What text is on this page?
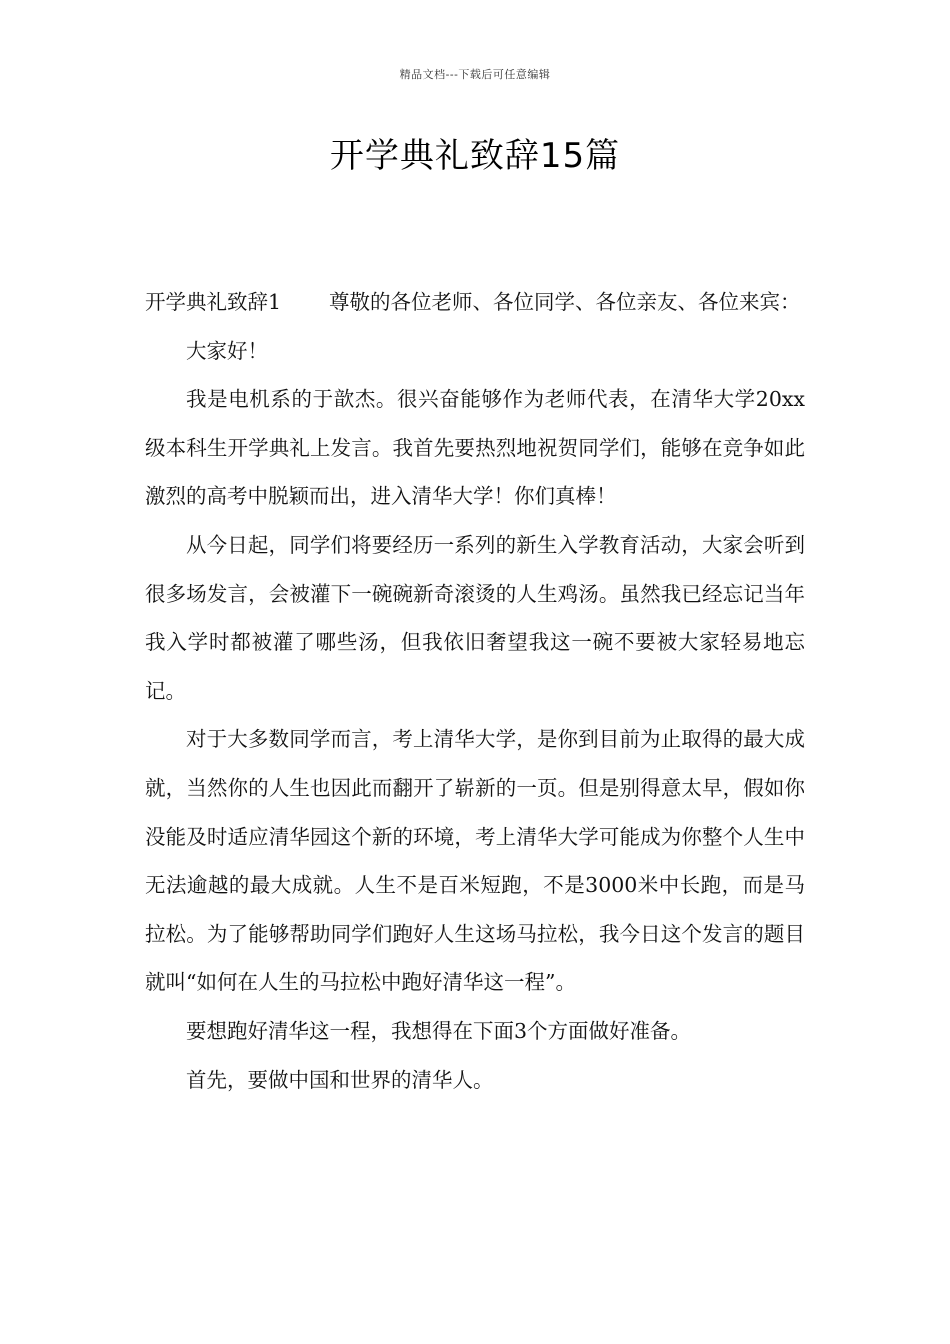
精品文档---下载后可任意编辑
开学典礼致辞15篇

开学典礼致辞1 尊敬的各位老师、各位同学、各位亲友、各位来宾：

大家好！

我是电机系的于歆杰。很兴奋能够作为老师代表，在清华大学20xx级本科生开学典礼上发言。我首先要热烈地祝贺同学们，能够在竞争如此激烈的高考中脱颖而出，进入清华大学！你们真棒！

从今日起，同学们将要经历一系列的新生入学教育活动，大家会听到很多场发言，会被灌下一碗碗新奇滚烫的人生鸡汤。虽然我已经忘记当年我入学时都被灌了哪些汤，但我依旧奢望我这一碗不要被大家轻易地忘记。

对于大多数同学而言，考上清华大学，是你到目前为止取得的最大成就，当然你的人生也因此而翻开了崭新的一页。但是别得意太早，假如你没能及时适应清华园这个新的环境，考上清华大学可能成为你整个人生中无法逾越的最大成就。人生不是百米短跑，不是3000米中长跑，而是马拉松。为了能够帮助同学们跑好人生这场马拉松，我今日这个发言的题目就叫“如何在人生的马拉松中跑好清华这一程”。

要想跑好清华这一程，我想得在下面3个方面做好准备。

首先，要做中国和世界的清华人。
